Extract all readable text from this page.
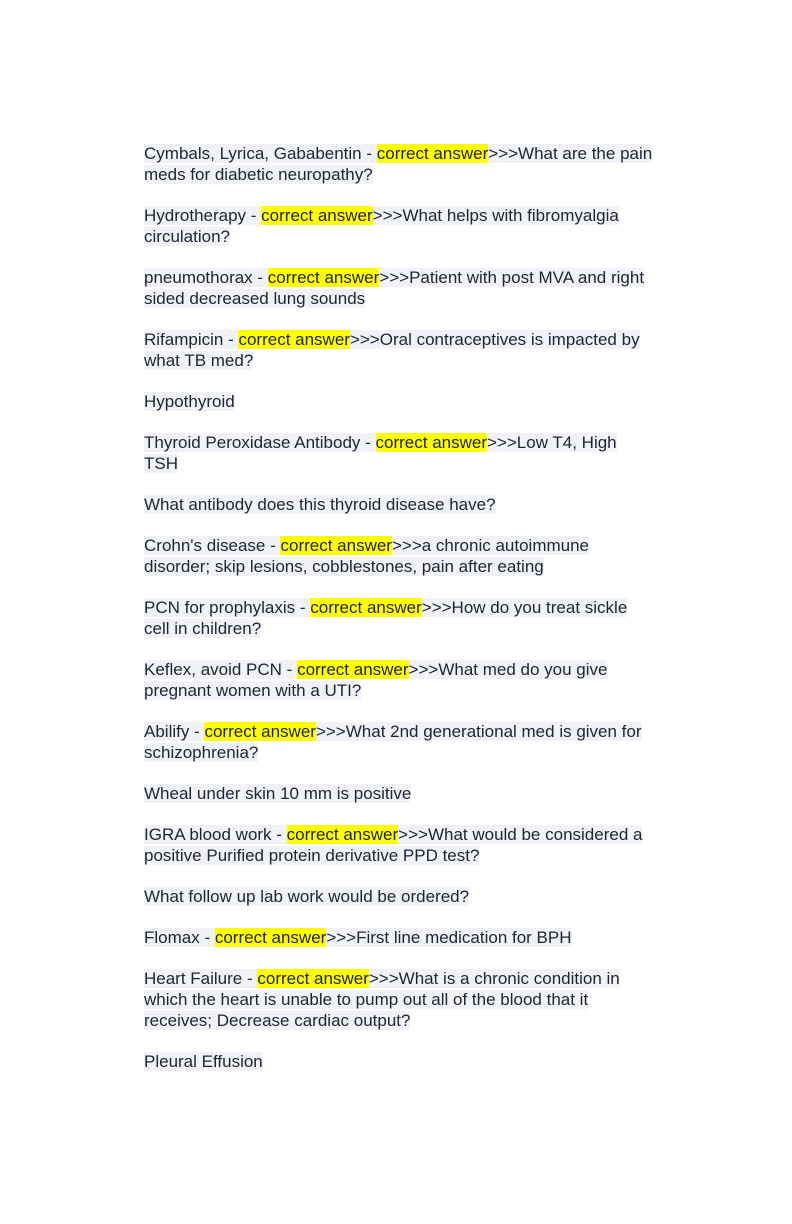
Cymbals, Lyrica, Gababentin - correct answer>>>What are the pain meds for diabetic neuropathy?

Hydrotherapy - correct answer>>>What helps with fibromyalgia circulation?

pneumothorax - correct answer>>>Patient with post MVA and right sided decreased lung sounds

Rifampicin - correct answer>>>Oral contraceptives is impacted by what TB med?

Hypothyroid

Thyroid Peroxidase Antibody - correct answer>>>Low T4, High TSH

What antibody does this thyroid disease have?

Crohn's disease - correct answer>>>a chronic autoimmune disorder; skip lesions, cobblestones, pain after eating

PCN for prophylaxis - correct answer>>>How do you treat sickle cell in children?

Keflex, avoid PCN - correct answer>>>What med do you give pregnant women with a UTI?

Abilify - correct answer>>>What 2nd generational med is given for schizophrenia?

Wheal under skin 10 mm is positive

IGRA blood work - correct answer>>>What would be considered a positive Purified protein derivative PPD test?

What follow up lab work would be ordered?

Flomax - correct answer>>>First line medication for BPH

Heart Failure - correct answer>>>What is a chronic condition in which the heart is unable to pump out all of the blood that it receives; Decrease cardiac output?

Pleural Effusion
